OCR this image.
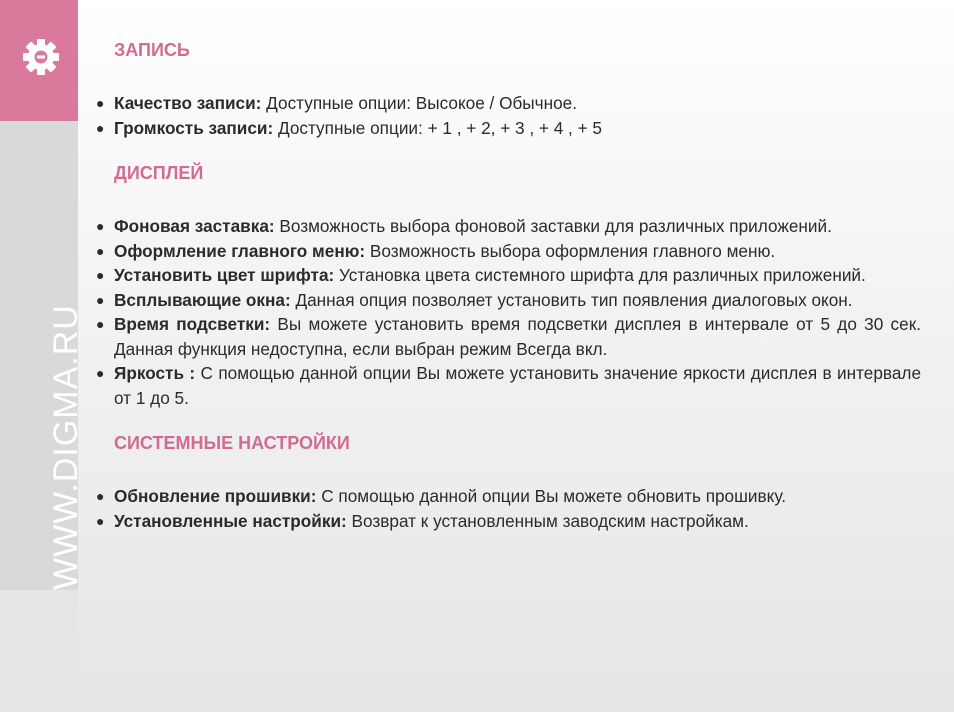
WWW.DIGMA.RU
ЗАПИСЬ
● Качество записи: Доступные опции: Высокое / Обычное.
● Громкость записи: Доступные опции: + 1 , + 2, + 3 , + 4 , + 5
ДИСПЛЕЙ
● Фоновая заставка: Возможность выбора фоновой заставки для различных приложений.
● Оформление главного меню: Возможность выбора оформления главного меню.
● Установить цвет шрифта: Установка цвета системного шрифта для различных приложений.
● Всплывающие окна: Данная опция позволяет установить тип появления диалоговых окон.
● Время подсветки: Вы можете установить время подсветки дисплея в интервале от 5 до 30 сек. Данная функция недоступна, если выбран режим Всегда вкл.
● Яркость : С помощью данной опции Вы можете установить значение яркости дисплея в интервале от 1 до 5.
СИСТЕМНЫЕ НАСТРОЙКИ
● Обновление прошивки: С помощью данной опции Вы можете обновить прошивку.
● Установленные настройки: Возврат к установленным заводским настройкам.
